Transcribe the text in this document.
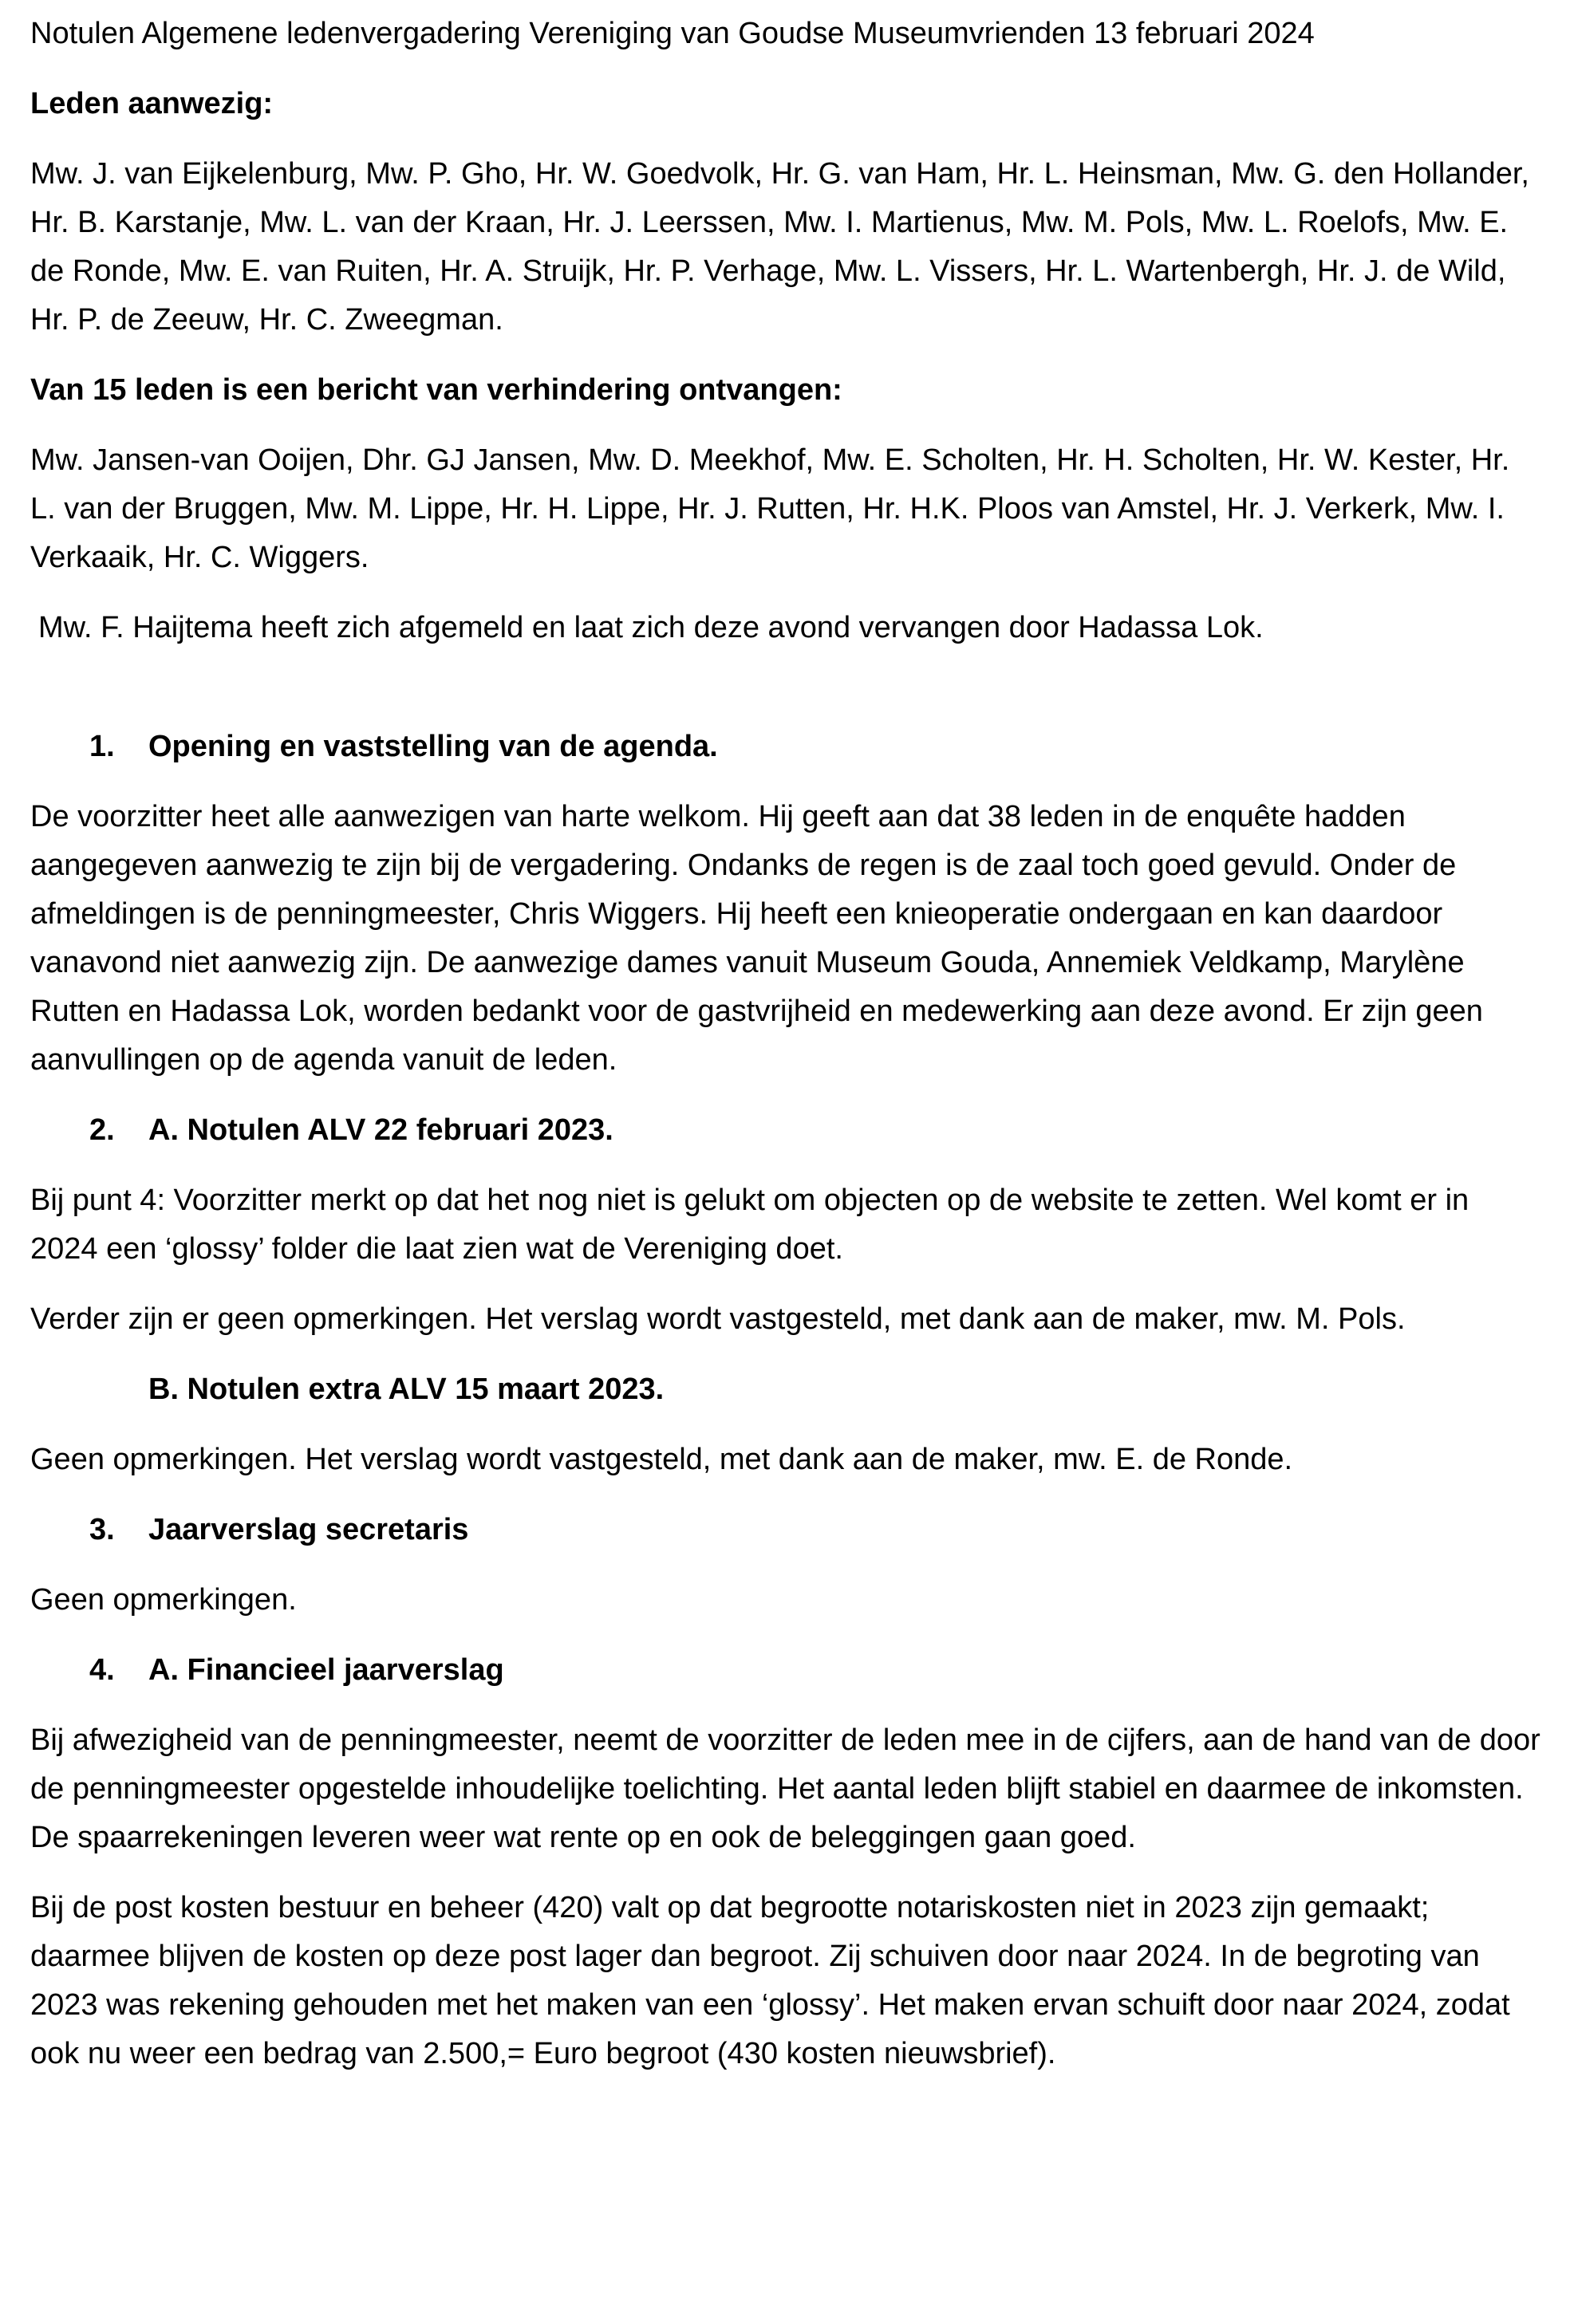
Notulen Algemene ledenvergadering Vereniging van Goudse Museumvrienden 13 februari 2024

Leden aanwezig:

Mw. J. van Eijkelenburg, Mw. P. Gho, Hr. W. Goedvolk, Hr. G. van Ham, Hr. L. Heinsman, Mw. G. den Hollander, Hr. B. Karstanje, Mw. L. van der Kraan, Hr. J. Leerssen, Mw. I. Martienus, Mw. M. Pols, Mw. L. Roelofs, Mw. E. de Ronde, Mw. E. van Ruiten, Hr. A. Struijk, Hr. P. Verhage, Mw. L. Vissers, Hr. L. Wartenbergh, Hr. J. de Wild, Hr. P. de Zeeuw, Hr. C. Zweegman.

Van 15 leden is een bericht van verhindering ontvangen:

Mw. Jansen-van Ooijen, Dhr. GJ Jansen, Mw. D. Meekhof, Mw. E. Scholten, Hr. H. Scholten, Hr. W. Kester, Hr. L. van der Bruggen, Mw. M. Lippe, Hr. H. Lippe, Hr. J. Rutten, Hr. H.K. Ploos van Amstel, Hr. J. Verkerk, Mw. I. Verkaaik, Hr. C. Wiggers.

Mw. F. Haijtema heeft zich afgemeld en laat zich deze avond vervangen door Hadassa Lok.

1.	Opening en vaststelling van de agenda.

De voorzitter heet alle aanwezigen van harte welkom. Hij geeft aan dat 38 leden in de enquête hadden aangegeven aanwezig te zijn bij de vergadering. Ondanks de regen is de zaal toch goed gevuld. Onder de afmeldingen is de penningmeester, Chris Wiggers. Hij heeft een knieoperatie ondergaan en kan daardoor vanavond niet aanwezig zijn. De aanwezige dames vanuit Museum Gouda, Annemiek Veldkamp, Marylène Rutten en Hadassa Lok, worden bedankt voor de gastvrijheid en medewerking aan deze avond. Er zijn geen aanvullingen op de agenda vanuit de leden.

2.	A. Notulen ALV 22 februari 2023.

Bij punt 4: Voorzitter merkt op dat het nog niet is gelukt om objecten op de website te zetten. Wel komt er in 2024 een ‘glossy’ folder die laat zien wat de Vereniging doet.

Verder zijn er geen opmerkingen. Het verslag wordt vastgesteld, met dank aan de maker, mw. M. Pols.

B. Notulen extra ALV 15 maart 2023.

Geen opmerkingen. Het verslag wordt vastgesteld, met dank aan de maker, mw. E. de Ronde.

3.	Jaarverslag secretaris

Geen opmerkingen.

4.	A. Financieel jaarverslag

Bij afwezigheid van de penningmeester, neemt de voorzitter de leden mee in de cijfers, aan de hand van de door de penningmeester opgestelde inhoudelijke toelichting. Het aantal leden blijft stabiel en daarmee de inkomsten. De spaarrekeningen leveren weer wat rente op en ook de beleggingen gaan goed.

Bij de post kosten bestuur en beheer (420) valt op dat begrootte notariskosten niet in 2023 zijn gemaakt; daarmee blijven de kosten op deze post lager dan begroot. Zij schuiven door naar 2024. In de begroting van 2023 was rekening gehouden met het maken van een ‘glossy’. Het maken ervan schuift door naar 2024, zodat ook nu weer een bedrag van 2.500,= Euro begroot (430 kosten nieuwsbrief).
